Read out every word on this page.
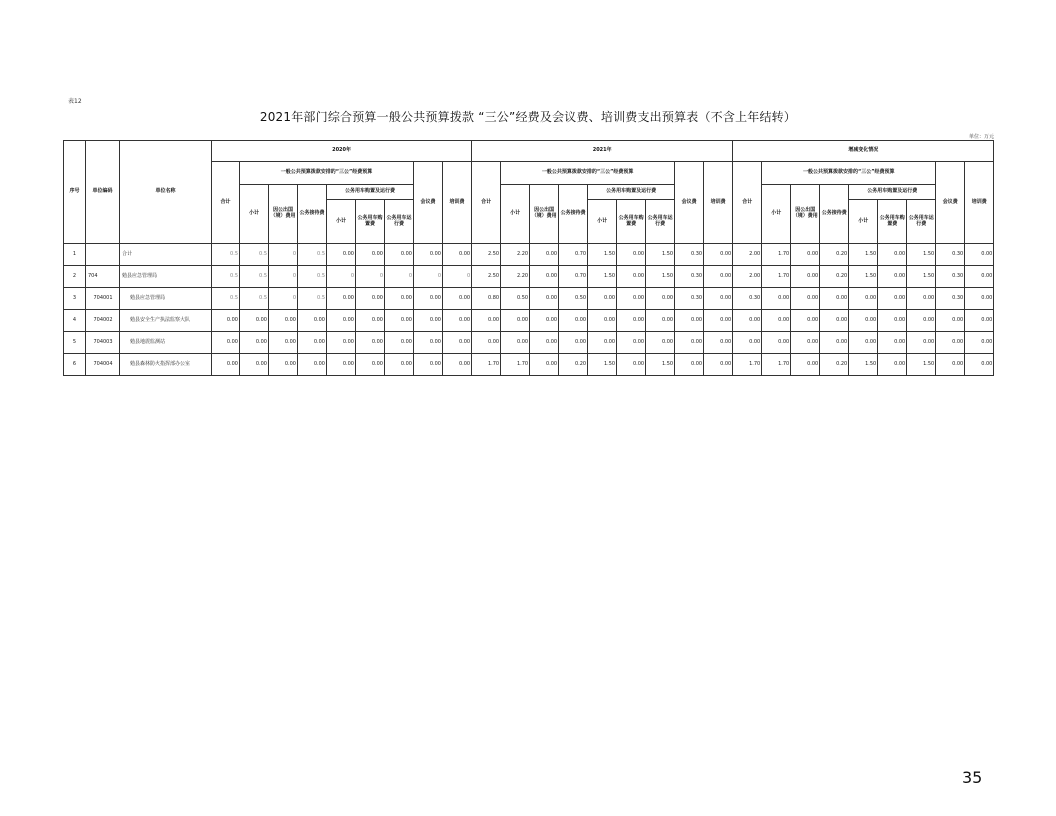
表12
2021年部门综合预算一般公共预算拨款 “三公”经费及会议费、培训费支出预算表（不含上年结转）
单位：万元
序号	单位编码	单位名称	2020年									2021年									增减变化情况								
			合计	一般公共预算拨款安排的“三公”经费预算						会议费	培训费	合计	一般公共预算拨款安排的“三公”经费预算						会议费	培训费	合计	一般公共预算拨款安排的“三公”经费预算						会议费	培训费
				小计	因公出国（境）费用	公务接待费	公务用车购置及运行费						小计	因公出国（境）费用	公务接待费	公务用车购置及运行费						小计	因公出国（境）费用	公务接待费	公务用车购置及运行费				
							小计	公务用车购置费	公务用车运行费							小计	公务用车购置费	公务用车运行费							小计	公务用车购置费	公务用车运行费		
1		合计	0.5	0.5	0	0.5	0.00	0.00	0.00	0.00	0.00	2.50	2.20	0.00	0.70	1.50	0.00	1.50	0.30	0.00	2.00	1.70	0.00	0.20	1.50	0.00	1.50	0.30	0.00
2	704	勉县应急管理局	0.5	0.5	0	0.5	0	0	0	0	0	2.50	2.20	0.00	0.70	1.50	0.00	1.50	0.30	0.00	2.00	1.70	0.00	0.20	1.50	0.00	1.50	0.30	0.00
3	704001	勉县应急管理局	0.5	0.5	0	0.5	0.00	0.00	0.00	0.00	0.00	0.80	0.50	0.00	0.50	0.00	0.00	0.00	0.30	0.00	0.30	0.00	0.00	0.00	0.00	0.00	0.00	0.30	0.00
4	704002	勉县安全生产执法监察大队	0.00	0.00	0.00	0.00	0.00	0.00	0.00	0.00	0.00	0.00	0.00	0.00	0.00	0.00	0.00	0.00	0.00	0.00	0.00	0.00	0.00	0.00	0.00	0.00	0.00	0.00	0.00
5	704003	勉县地震监测站	0.00	0.00	0.00	0.00	0.00	0.00	0.00	0.00	0.00	0.00	0.00	0.00	0.00	0.00	0.00	0.00	0.00	0.00	0.00	0.00	0.00	0.00	0.00	0.00	0.00	0.00	0.00
6	704004	勉县森林防火指挥部办公室	0.00	0.00	0.00	0.00	0.00	0.00	0.00	0.00	0.00	1.70	1.70	0.00	0.20	1.50	0.00	1.50	0.00	0.00	1.70	1.70	0.00	0.20	1.50	0.00	1.50	0.00	0.00
35
